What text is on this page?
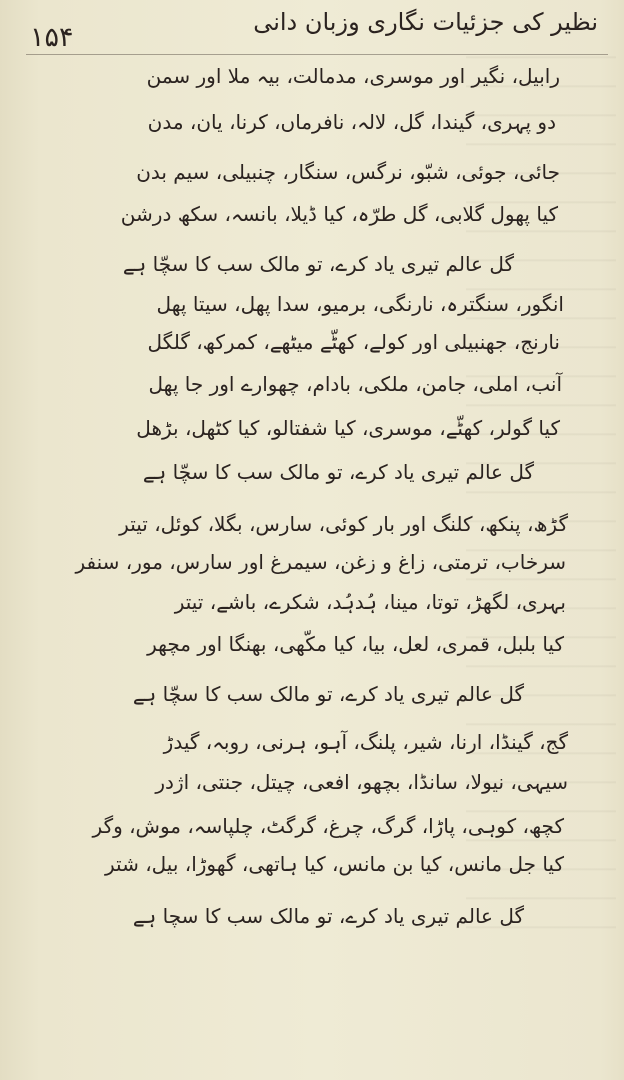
۱۵۴	نظیر کی جزئیات نگاری وزبان دانی
رابیل، نگیر اور موسری، مدمالت، بیہ ملا اور سمن
دو پہری، گیندا، گل، لالہ، نافرماں، کرنا، یان، مدن
جائی، جوئی، شبّو، نرگس، سنگار، چنبیلی، سیم بدن
کیا پھول گلابی، گل طرّہ، کیا ڈیلا، بانسہ، سکھ درشن
گل عالم تیری یاد کرے، تو مالک سب کا سچّا ہے
انگور، سنگترہ، نارنگی، برمیو، سدا پھل، سیتا پھل
نارنج، جھنبیلی اور کولے، کھٹّے میٹھے، کمرکھ، گلگل
آنب، املی، جامن، ملکی، بادام، چھوارے اور جا پھل
کیا گولر، کھٹّے، موسری، کیا شفتالو، کیا کٹھل، بڑھل
گل عالم تیری یاد کرے، تو مالک سب کا سچّا ہے
گڑھ، پنکھ، کلنگ اور بار کوئی، سارس، بگلا، کوئل، تیتر
سرخاب، ترمتی، زاغ و زغن، سیمرغ اور سارس، مور، سنفر
بہری، لگھڑ، توتا، مینا، ہُدہُد، شکرے، باشے، تیتر
کیا بلبل، قمری، لعل، بیا، کیا مکّھی، بھنگا اور مچھر
گل عالم تیری یاد کرے، تو مالک سب کا سچّا ہے
گج، گینڈا، ارنا، شیر، پلنگ، آہو، ہرنی، روبہ، گیدڑ
سیہی، نیولا، سانڈا، بچھو، افعی، چیتل، جنتی، اژدر
کچھ، کوہی، پاڑا، گرگ، چرغ، گرگٹ، چلپاسہ، موش، وگر
کیا جل مانس، کیا بن مانس، کیا ہاتھی، گھوڑا، بیل، شتر
گل عالم تیری یاد کرے، تو مالک سب کا سچا ہے
